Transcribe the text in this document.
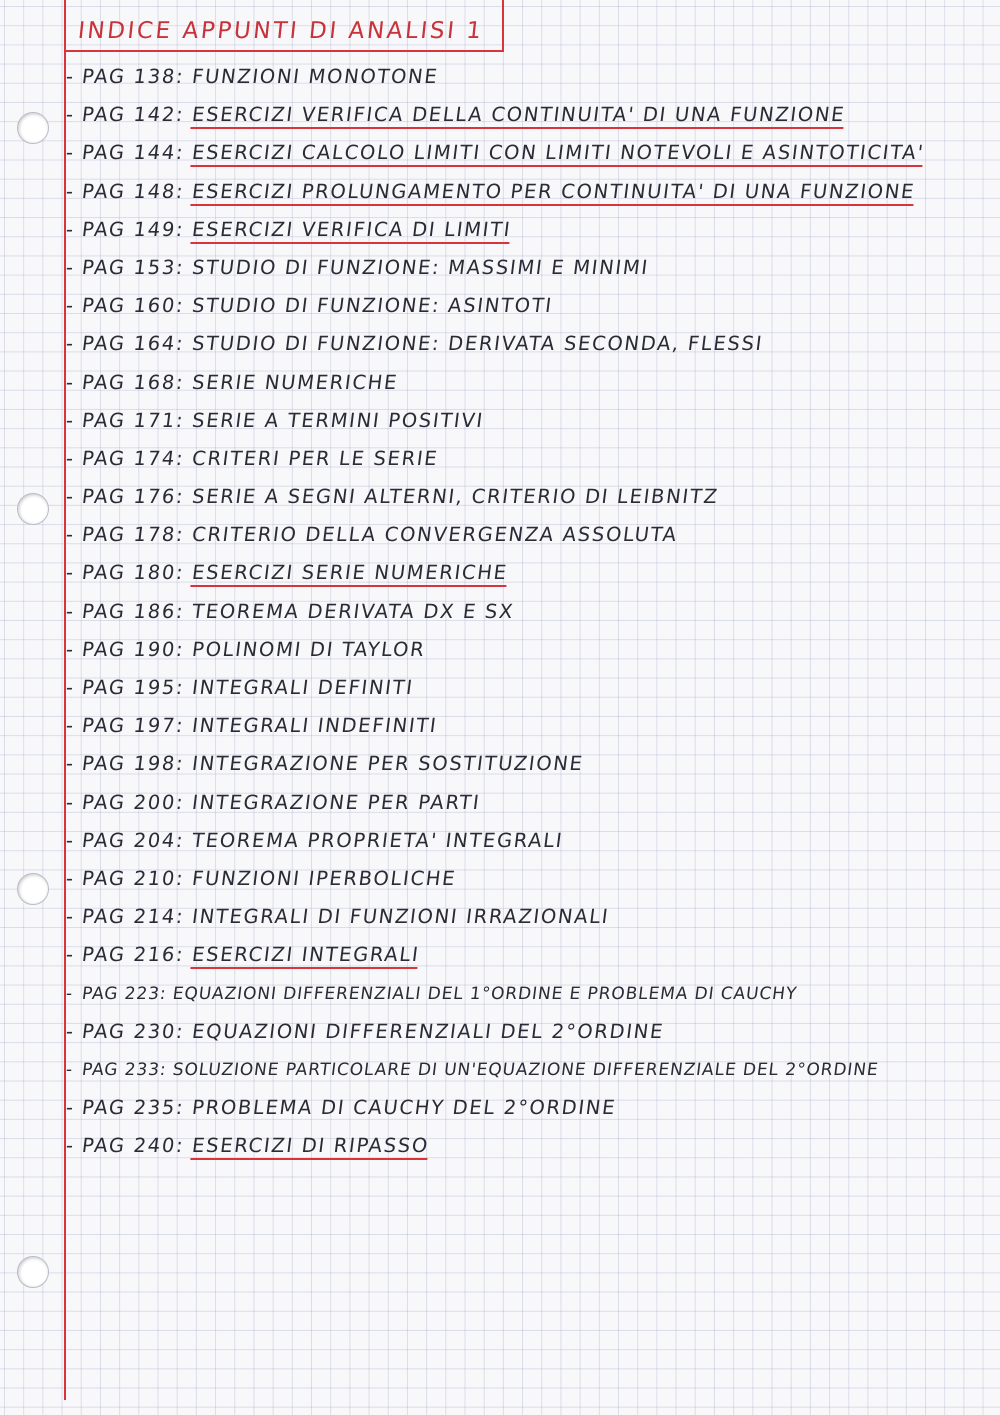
INDICE APPUNTI DI ANALISI 1
- PAG 138: FUNZIONI MONOTONE
- PAG 142: ESERCIZI VERIFICA DELLA CONTINUITA' DI UNA FUNZIONE
- PAG 144: ESERCIZI CALCOLO LIMITI CON LIMITI NOTEVOLI E ASINTOTICITA'
- PAG 148: ESERCIZI PROLUNGAMENTO PER CONTINUITA' DI UNA FUNZIONE
- PAG 149: ESERCIZI VERIFICA DI LIMITI
- PAG 153: STUDIO DI FUNZIONE: MASSIMI E MINIMI
- PAG 160: STUDIO DI FUNZIONE: ASINTOTI
- PAG 164: STUDIO DI FUNZIONE: DERIVATA SECONDA, FLESSI
- PAG 168: SERIE NUMERICHE
- PAG 171: SERIE A TERMINI POSITIVI
- PAG 174: CRITERI PER LE SERIE
- PAG 176: SERIE A SEGNI ALTERNI, CRITERIO DI LEIBNITZ
- PAG 178: CRITERIO DELLA CONVERGENZA ASSOLUTA
- PAG 180: ESERCIZI SERIE NUMERICHE
- PAG 186: TEOREMA DERIVATA DX E SX
- PAG 190: POLINOMI DI TAYLOR
- PAG 195: INTEGRALI DEFINITI
- PAG 197: INTEGRALI INDEFINITI
- PAG 198: INTEGRAZIONE PER SOSTITUZIONE
- PAG 200: INTEGRAZIONE PER PARTI
- PAG 204: TEOREMA PROPRIETA' INTEGRALI
- PAG 210: FUNZIONI IPERBOLICHE
- PAG 214: INTEGRALI DI FUNZIONI IRRAZIONALI
- PAG 216: ESERCIZI INTEGRALI
- PAG 223: EQUAZIONI DIFFERENZIALI DEL 1°ORDINE E PROBLEMA DI CAUCHY
- PAG 230: EQUAZIONI DIFFERENZIALI DEL 2°ORDINE
- PAG 233: SOLUZIONE PARTICOLARE DI UN'EQUAZIONE DIFFERENZIALE DEL 2°ORDINE
- PAG 235: PROBLEMA DI CAUCHY DEL 2°ORDINE
- PAG 240: ESERCIZI DI RIPASSO
